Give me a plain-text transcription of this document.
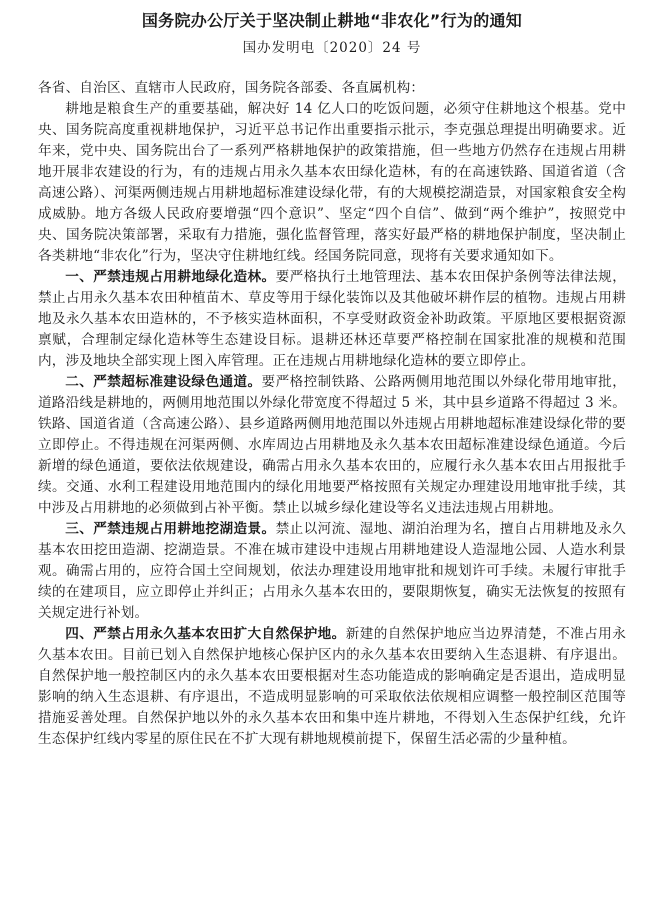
国务院办公厅关于坚决制止耕地“非农化”行为的通知
国办发明电〔2020〕24 号

各省、自治区、直辖市人民政府，国务院各部委、各直属机构：

耕地是粮食生产的重要基础，解决好 14 亿人口的吃饭问题，必须守住耕地这个根基。党中央、国务院高度重视耕地保护，习近平总书记作出重要指示批示，李克强总理提出明确要求。近年来，党中央、国务院出台了一系列严格耕地保护的政策措施，但一些地方仍然存在违规占用耕地开展非农建设的行为，有的违规占用永久基本农田绿化造林，有的在高速铁路、国道省道（含高速公路）、河渠两侧违规占用耕地超标准建设绿化带，有的大规模挖湖造景，对国家粮食安全构成威胁。地方各级人民政府要增强“四个意识”、坚定“四个自信”、做到“两个维护”，按照党中央、国务院决策部署，采取有力措施，强化监督管理，落实好最严格的耕地保护制度，坚决制止各类耕地“非农化”行为，坚决守住耕地红线。经国务院同意，现将有关要求通知如下。

一、严禁违规占用耕地绿化造林。要严格执行土地管理法、基本农田保护条例等法律法规，禁止占用永久基本农田种植苗木、草皮等用于绿化装饰以及其他破坏耕作层的植物。违规占用耕地及永久基本农田造林的，不予核实造林面积，不享受财政资金补助政策。平原地区要根据资源禀赋，合理制定绿化造林等生态建设目标。退耕还林还草要严格控制在国家批准的规模和范围内，涉及地块全部实现上图入库管理。正在违规占用耕地绿化造林的要立即停止。

二、严禁超标准建设绿色通道。要严格控制铁路、公路两侧用地范围以外绿化带用地审批，道路沿线是耕地的，两侧用地范围以外绿化带宽度不得超过 5 米，其中县乡道路不得超过 3 米。铁路、国道省道（含高速公路）、县乡道路两侧用地范围以外违规占用耕地超标准建设绿化带的要立即停止。不得违规在河渠两侧、水库周边占用耕地及永久基本农田超标准建设绿色通道。今后新增的绿色通道，要依法依规建设，确需占用永久基本农田的，应履行永久基本农田占用报批手续。交通、水利工程建设用地范围内的绿化用地要严格按照有关规定办理建设用地审批手续，其中涉及占用耕地的必须做到占补平衡。禁止以城乡绿化建设等名义违法违规占用耕地。

三、严禁违规占用耕地挖湖造景。禁止以河流、湿地、湖泊治理为名，擅自占用耕地及永久基本农田挖田造湖、挖湖造景。不准在城市建设中违规占用耕地建设人造湿地公园、人造水利景观。确需占用的，应符合国土空间规划，依法办理建设用地审批和规划许可手续。未履行审批手续的在建项目，应立即停止并纠正；占用永久基本农田的，要限期恢复，确实无法恢复的按照有关规定进行补划。

四、严禁占用永久基本农田扩大自然保护地。新建的自然保护地应当边界清楚，不准占用永久基本农田。目前已划入自然保护地核心保护区内的永久基本农田要纳入生态退耕、有序退出。自然保护地一般控制区内的永久基本农田要根据对生态功能造成的影响确定是否退出，造成明显影响的纳入生态退耕、有序退出，不造成明显影响的可采取依法依规相应调整一般控制区范围等措施妥善处理。自然保护地以外的永久基本农田和集中连片耕地，不得划入生态保护红线，允许生态保护红线内零星的原住民在不扩大现有耕地规模前提下，保留生活必需的少量种植。
